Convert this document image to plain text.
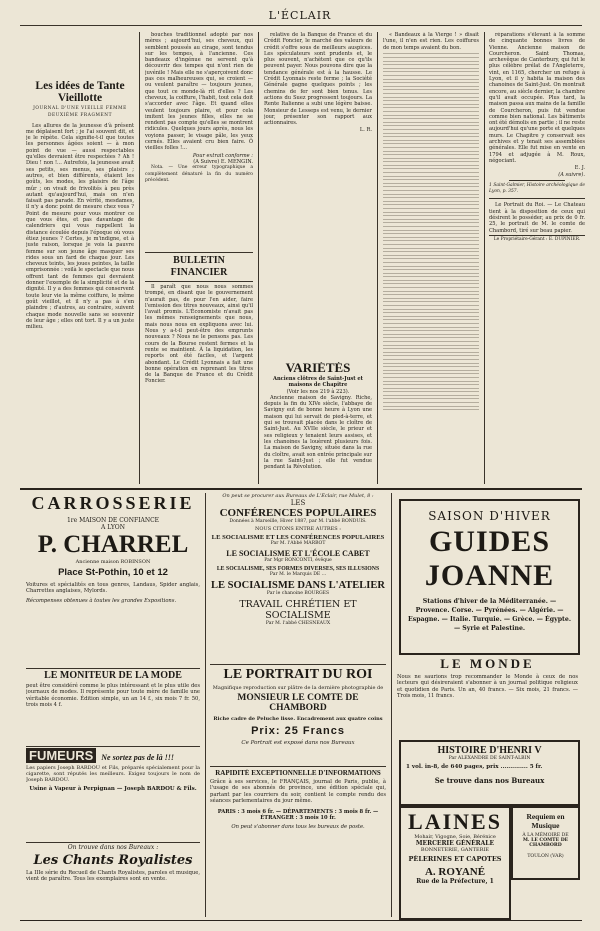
L'ÉCLAIR
Les idées de Tante Vieillotte
JOURNAL D'UNE VIEILLE FEMME
DEUXIÈME FRAGMENT

Les allures de la jeunesse d'à présent me déplaisent fort ; je l'ai souvent dit, et je le répète. Cela signifie-t-il que toutes les personnes âgées soient — à mon point de vue — aussi respectables qu'elles devraient être respectées ? Ah ! Dieu ! non !... Autrefois, la jeunesse avait ses petits, ses menus, ses plaisirs ; autres, et bien différents, étaient les goûts, les modes, les plaisirs de l'âge mûr ; on vivait de frivolités à peu près autant qu'aujourd'hui, mais on n'en faisait pas parade. En vérité, mesdames, il n'y a donc point de mesure chez vous ? Point de mesure pour vous montrer ce que vous êtes, et pas davantage de calendriers qui vous rappellent la distance écoulée depuis l'époque où vous étiez jeunes ? Certes, je m'indigne, et à juste raison, lorsque je vois la pauvre femme sur son jeune âge masquer ses rides sous un fard de chaque jour. Les cheveux teints, les joues peintes, la taille emprisonnée : voilà le spectacle que nous offrent tant de femmes qui devraient donner l'exemple de la simplicité et de la dignité. Il y a des femmes qui conservent toute leur vie la même coiffure, le même goût vieillot, et il n'y a pas à s'en plaindre ; d'autres, au contraire, suivent chaque mode nouvelle sans se souvenir de leur âge ; elles ont tort. Il y a un juste milieu.

bouches traditionnel adopté par nos mères ; aujourd'hui, ses cheveux, qui semblent poussés au cirage, sont tendus sur les tempes, à l'ancienne. Ces bandeaux d'ingénue ne servent qu'à découvrir des tempes qui n'ont rien de juvénile ! Mais elle ne s'aperçoivent donc pas ces malheureuses qui, se croient — ou veulent paraître — toujours jeunes, que tout ce monde-là rit d'elles ? Les cheveux, la coiffure, l'habit, tout cela doit s'accorder avec l'âge. Et quand elles veulent toujours plaire, et pour cela imitent les jeunes filles, elles ne se rendent pas compte qu'elles se montrent ridicules. Quelques jours après, nous les voyions passer, le visage pâle, les yeux cernés. Elles avaient cru bien faire. Ô vieilles folles !...

Pour extrait conforme :
(A Suivre) E. MENGIN.

Nota. — Une erreur typographique a complètement dénaturé la fin du numéro précédent.

BULLETIN FINANCIER

Il paraît que nous nous sommes trompé, en disant que le gouvernement n'aurait pas, de pour l'en aider, faire l'emission des titres nouveaux, ainsi qu'il l'avait promis. L'Économiste n'avait pas les mêmes renseignements que nous, mais nous nous en expliquons avec lui. Nous y a-t-il peut-être des emprunts nouveaux ? Nous ne le pensons pas. Les cours de la Bourse restent fermes et la rente se maintient. À la liquidation, les reports ont été faciles, et l'argent abondant. Le Crédit Lyonnais a fait une bonne opération en reprenant les titres de la Banque de France et du Crédit Foncier.

relative de la Banque de France et du Crédit Foncier, le marché des valeurs de crédit s'offre sous de meilleurs auspices. Les spéculateurs sont prudents et, le plus souvent, n'achètent que ce qu'ils peuvent payer. Nous pouvons dire que la tendance générale est à la hausse. Le Crédit Lyonnais reste ferme ; la Société Générale gagne quelques points ; les chemins de fer sont bien tenus. Les actions du Suez progressent toujours. La Rente Italienne a subi une légère baisse. Monsieur de Lesseps est venu, le dernier jour, présenter son rapport aux actionnaires.

L. R.
VARIÉTÉS
Anciens clôtres de Saint-Just et maisons de Chapitre
(Voir les nos 219 à 223).

Ancienne maison de Savigny. Riche, depuis la fin du XIVe siècle, l'abbaye de Savigny eut de bonne heure à Lyon une maison qui lui servait de pied-à-terre, et qui se trouvait placée dans le cloître de Saint-Just. Au XVIIe siècle, le prieur et ses religieux y tenaient leurs assises, et les chanoines la louèrent plusieurs fois. La maison de Savigny, située dans la rue du cloître, avait son entrée principale sur la rue Saint-Just ; elle fut vendue pendant la Révolution.

« Bandeaux à la Vierge ! » disait l'une, il n'en est rien. Les coiffures de mon temps avaient du bon.

réparations s'élevant à la somme de cinquante bonnes livres de Vienne. Ancienne maison de Courcheron. Saint Thomas, archevêque de Canterbury, qui fut le plus célèbre prélat de l'Angleterre, vint, en 1165, chercher un refuge à Lyon, et il y habita la maison des chanoines de Saint-Just. On montrait encore, au siècle dernier, la chambre qu'il avait occupée. Plus tard, la maison passa aux mains de la famille de Courcheron, puis fut vendue comme bien national. Les bâtiments ont été démolis en partie ; il ne reste aujourd'hui qu'une porte et quelques murs. Le Chapitre y conservait ses archives et y tenait ses assemblées générales. Elle fut mise en vente en 1794 et adjugée à M. Roux, négociant.

E. J.
(A suivre).
1 Saint-Galmier, Histoire archéologique de Lyon, p. 357.

Le Portrait du Roi. — Le Chateau tient à la disposition de ceux qui désirent le posséder, au prix de 0 fr. 25, le portrait de M. le comte de Chambord, tiré sur beau papier.

Le Propriétaire-Gérant : E. DUPINIER.
CARROSSERIE
1re MAISON DE CONFIANCE
A LYON
P. CHARREL
Ancienne maison ROBINSON
Place St-Pothin, 10 et 12
Voitures et spécialités en tous genres, Landaus, Spider anglais, Charrettes anglaises, Mylords.
Récompenses obtenues à toutes les grandes Expositions.
LE MONITEUR DE LA MODE
peut être considéré comme le plus intéressant et le plus utile des journaux de modes. Il représente pour toute mère de famille une véritable économie. Édition simple, un an 14 f., six mois 7 fr. 50, trois mois 4 f.
FUMEURS	Ne sortez pas de là !!!
Les papiers Joseph BARDOU et Fils, préparés spécialement pour la cigarette, sont réputés les meilleurs. Exigez toujours le nom de Joseph BARDOU.
Usine à Vapeur à Perpignan — Joseph BARDOU & Fils.
On trouve dans nos Bureaux :
Les Chants Royalistes
La IIIe série du Recueil de Chants Royalistes, paroles et musique, vient de paraître. Tous les exemplaires sont en vente.
On peut se procurer aux Bureaux de L'Éclair, rue Mulet, 8 :
LES
CONFÉRENCES POPULAIRES
Données à Marseille, Hiver 1887, par M. l'abbé BONDUIS.
NOUS CITONS ENTRE AUTRES :
LE SOCIALISME ET LES CONFÉRENCES POPULAIRES
Par M. l'Abbé MARBOT
LE SOCIALISME ET L'ÉCOLE CABET
Par Mgr RONCONTI, évêque
LE SOCIALISME, SES FORMES DIVERSES, SES ILLUSIONS
Par M. le Marquis DE ...
LE SOCIALISME DANS L'ATELIER
Par le chanoine BOURGES
TRAVAIL CHRÉTIEN ET SOCIALISME
Par M. l'abbé CHESNEAUX
LE PORTRAIT DU ROI
Magnifique reproduction sur plâtre de la dernière photographie de
MONSIEUR LE COMTE DE CHAMBORD
Riche cadre de Peluche lisse. Encadrement aux quatre coins
Prix: 25 Francs
Ce Portrait est exposé dans nos Bureaux
RAPIDITÉ EXCEPTIONNELLE D'INFORMATIONS
Grâce à ses services, le FRANÇAIS, journal de Paris, publie, à l'usage de ses abonnés de province, une édition spéciale qui, partant par les courriers du soir, contient le compte rendu des séances parlementaires du jour même.
PARIS : 3 mois 6 fr. — DÉPARTEMENTS : 3 mois 8 fr. — ÉTRANGER : 3 mois 10 fr.
On peut s'abonner dans tous les bureaux de poste.
SAISON D'HIVER
GUIDES JOANNE
Stations d'hiver de la Méditerranée. — Provence. Corse. — Pyrénées. — Algérie. — Espagne. — Italie. Turquie. — Grèce. — Égypte. — Syrie et Palestine.
LE MONDE
Nous ne saurions trop recommander le Monde à ceux de nos lecteurs qui désireraient s'abonner à un journal politique religieux et quotidien de Paris. Un an, 40 francs. — Six mois, 21 francs. — Trois mois, 11 francs.
HISTOIRE D'HENRI V
Par ALEXANDRE DE SAINT-ALBIN
1 vol. in-8, de 640 pages, prix .............. 5 fr.
Se trouve dans nos Bureaux
LAINES
Mohair, Vigogne, Soie, Bérénice
MERCERIE GÉNÉRALE
BONNETERIE, GANTERIE
PÈLERINES ET CAPOTES
A. ROYANÉ
Rue de la Préfecture, 1
Requiem en Musique
À LA MÉMOIRE DE
M. LE COMTE DE CHAMBORD
TOULON (VAR)
